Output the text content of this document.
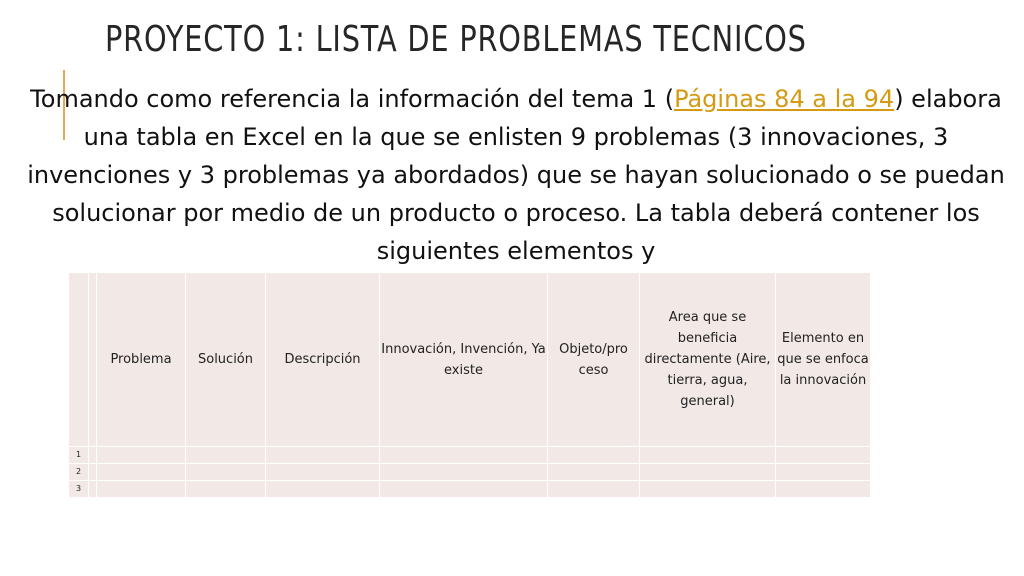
PROYECTO 1: LISTA DE PROBLEMAS TECNICOS

Tomando como referencia la información del tema 1 (Páginas 84 a la 94) elabora una tabla en Excel en la que se enlisten 9 problemas (3 innovaciones, 3 invenciones y 3 problemas ya abordados) que se hayan solucionado o se puedan solucionar por medio de un producto o proceso. La tabla deberá contener los siguientes elementos y

		Problema	Solución	Descripción	Innovación, Invención, Ya existe	Objeto/pro ceso	Area que se beneficia directamente (Aire, tierra, agua, general)	Elemento en que se enfoca la innovación
1								
2								
3								
